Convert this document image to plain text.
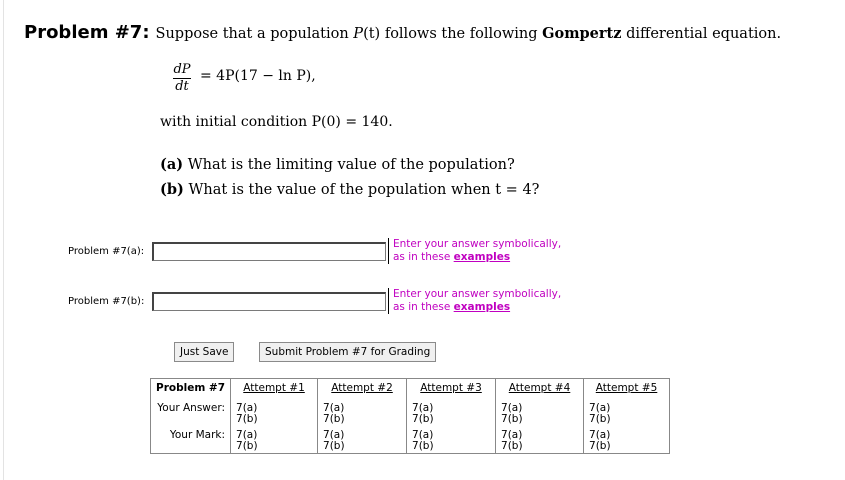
Problem #7: Suppose that a population P(t) follows the following Gompertz differential equation.
dP
dt
= 4P(17 − ln P),
with initial condition P(0) = 140.
(a) What is the limiting value of the population?
(b) What is the value of the population when t = 4?
Problem #7(a):
Enter your answer symbolically,
as in these examples
Problem #7(b):
Enter your answer symbolically,
as in these examples
Just Save	Submit Problem #7 for Grading
Problem #7	Attempt #1	Attempt #2	Attempt #3	Attempt #4	Attempt #5
Your Answer:	7(a)
7(b)	7(a)
7(b)	7(a)
7(b)	7(a)
7(b)	7(a)
7(b)

Your Mark:	7(a)
7(b)	7(a)
7(b)	7(a)
7(b)	7(a)
7(b)	7(a)
7(b)
